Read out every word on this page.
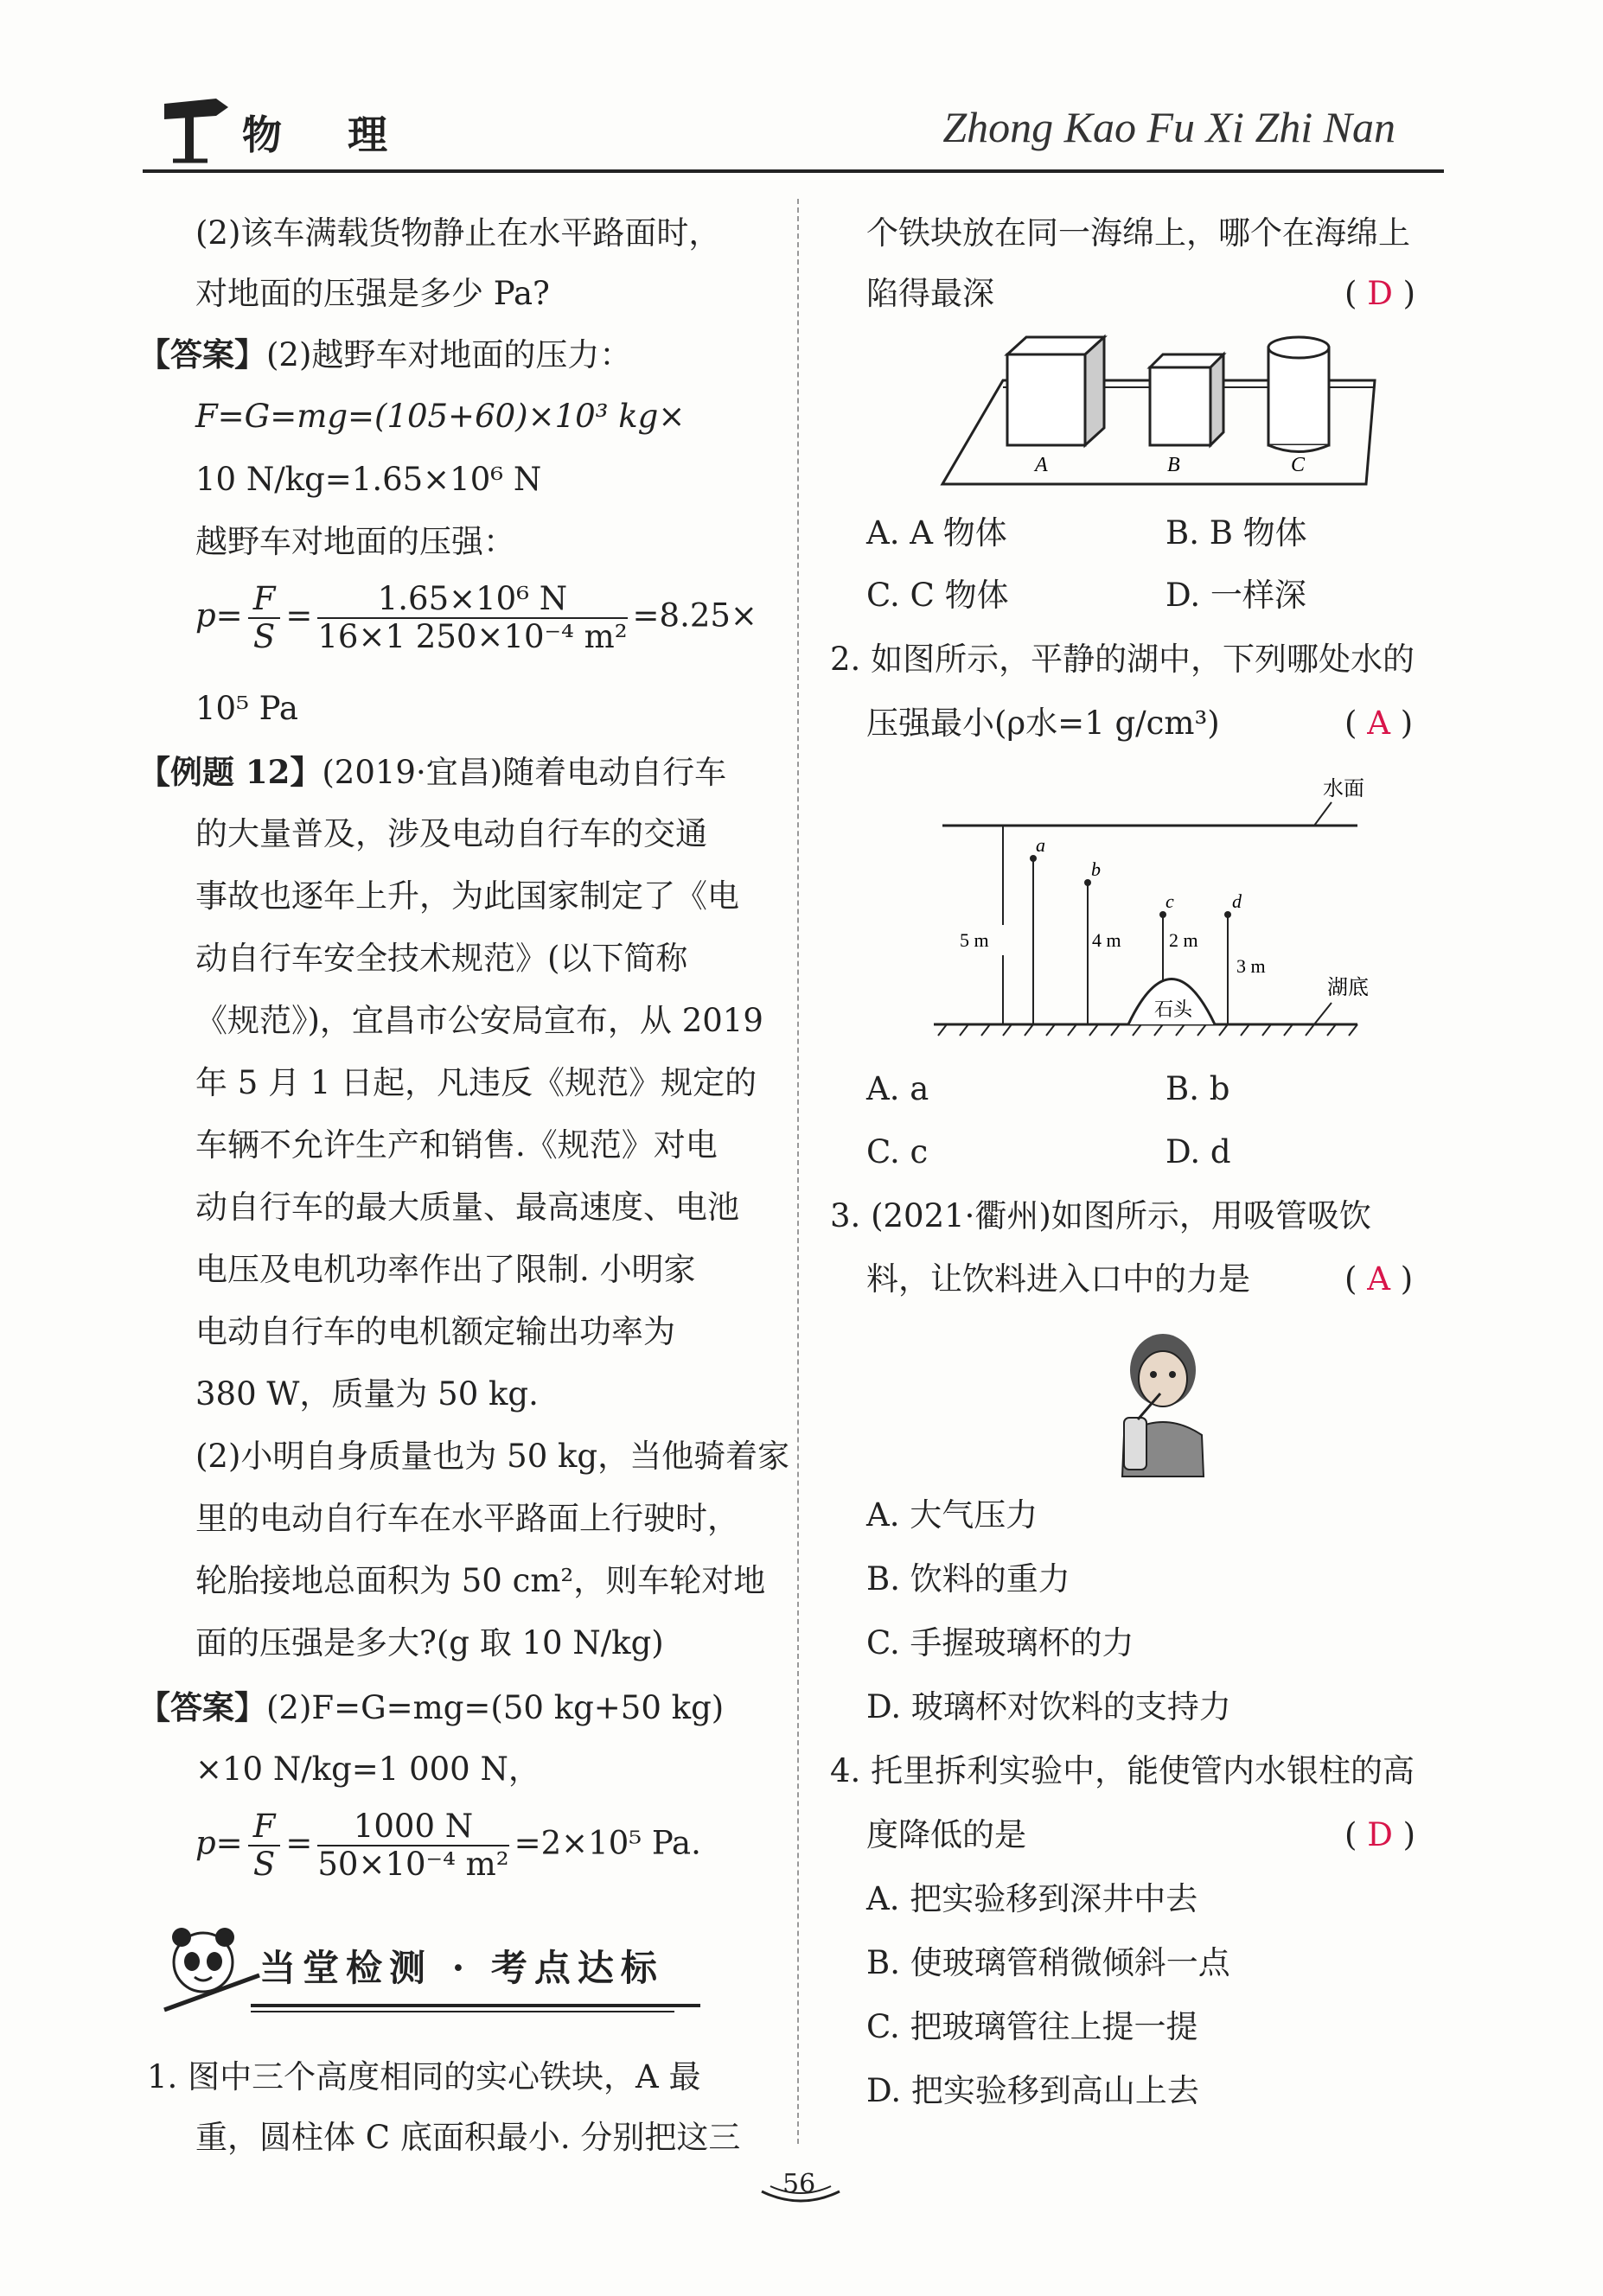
物 理	Zhong Kao Fu Xi Zhi Nan
(2)该车满载货物静止在水平路面时，
对地面的压强是多少 Pa?
【答案】(2)越野车对地面的压力：
F=G=mg=(105+60)×10³ kg×
10 N/kg=1.65×10⁶ N
越野车对地面的压强：
$p= \frac{F}{S} = \frac{\text{1.65×10⁶ N}}{\text{16×1 250×10⁻⁴ m²}} =8.25\times$
10⁵ Pa
【例题 12】(2019·宜昌)随着电动自行车
的大量普及，涉及电动自行车的交通
事故也逐年上升，为此国家制定了《电
动自行车安全技术规范》(以下简称
《规范》)，宜昌市公安局宣布，从 2019
年 5 月 1 日起，凡违反《规范》规定的
车辆不允许生产和销售.《规范》对电
动自行车的最大质量、最高速度、电池
电压及电机功率作出了限制. 小明家
电动自行车的电机额定输出功率为
380 W，质量为 50 kg.
(2)小明自身质量也为 50 kg，当他骑着家
里的电动自行车在水平路面上行驶时，
轮胎接地总面积为 50 cm²，则车轮对地
面的压强是多大?(g 取 10 N/kg)
【答案】(2)F=G=mg=(50 kg+50 kg)
×10 N/kg=1 000 N，
$p= \frac{F}{S} = \frac{1000 N}{\text{50×10⁻⁴ m²}} =2\times 10^5$ Pa.
当堂检测 · 考点达标
1. 图中三个高度相同的实心铁块，A 最
重，圆柱体 C 底面积最小. 分别把这三
个铁块放在同一海绵上，哪个在海绵上
陷得最深	( D )
A	B	C
A. A 物体	B. B 物体
C. C 物体	D. 一样深
2. 如图所示，平静的湖中，下列哪处水的
压强最小(ρ水=1 g/cm³)	( A )
水面
湖底
石头
a
5 m
b
4 m
c
2 m
d
3 m
A. a	B. b
C. c	D. d
3. (2021·衢州)如图所示，用吸管吸饮
料，让饮料进入口中的力是	( A )
A. 大气压力
B. 饮料的重力
C. 手握玻璃杯的力
D. 玻璃杯对饮料的支持力
4. 托里拆利实验中，能使管内水银柱的高
度降低的是	( D )
A. 把实验移到深井中去
B. 使玻璃管稍微倾斜一点
C. 把玻璃管往上提一提
D. 把实验移到高山上去
56
